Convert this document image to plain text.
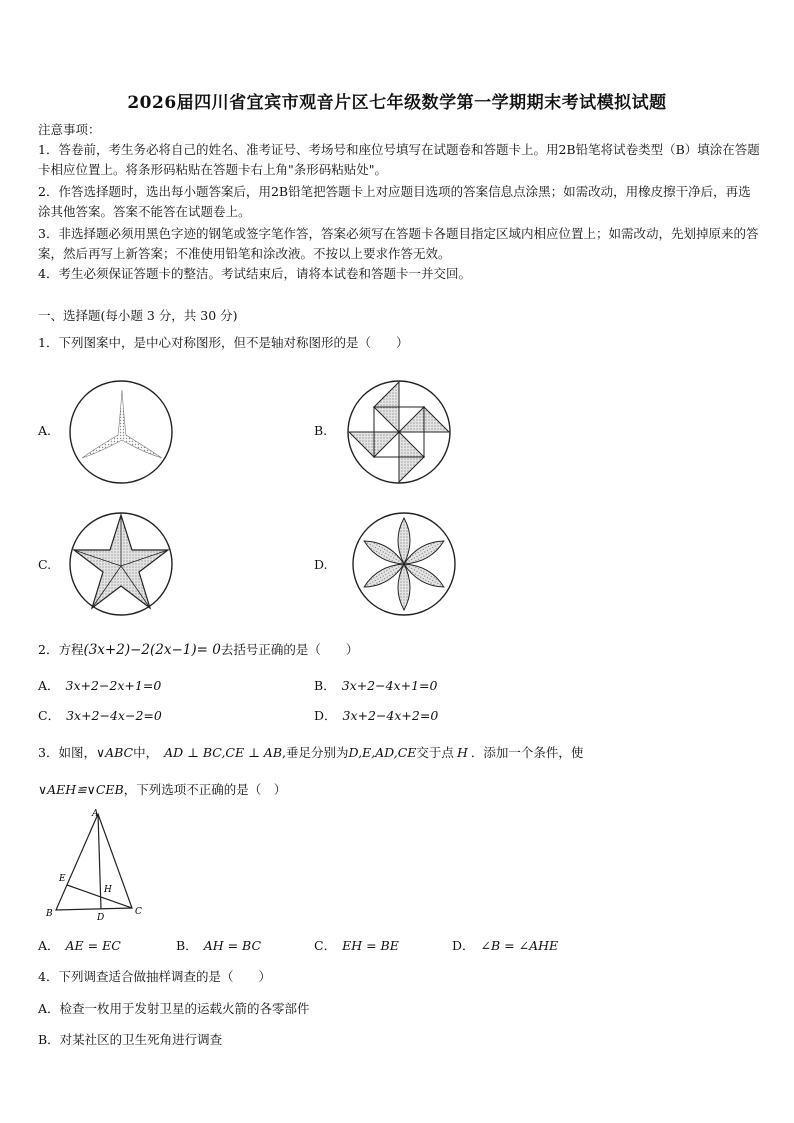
2026届四川省宜宾市观音片区七年级数学第一学期期末考试模拟试题
注意事项：
1．答卷前，考生务必将自己的姓名、准考证号、考场号和座位号填写在试题卷和答题卡上。用2B铅笔将试卷类型（B）填涂在答题卡相应位置上。将条形码粘贴在答题卡右上角"条形码粘贴处"。
2．作答选择题时，选出每小题答案后，用2B铅笔把答题卡上对应题目选项的答案信息点涂黑；如需改动，用橡皮擦干净后，再选涂其他答案。答案不能答在试题卷上。
3．非选择题必须用黑色字迹的钢笔或签字笔作答，答案必须写在答题卡各题目指定区域内相应位置上；如需改动，先划掉原来的答案，然后再写上新答案；不准使用铅笔和涂改液。不按以上要求作答无效。
4．考生必须保证答题卡的整洁。考试结束后，请将本试卷和答题卡一并交回。
一、选择题(每小题 3 分，共 30 分)
1．下列图案中，是中心对称图形，但不是轴对称图形的是（　　）
A.	B.
C.	D.
2．方程(3x+2)−2(2x−1)= 0去括号正确的是（　　）
A． 3x+2−2x+1=0	B． 3x+2−4x+1=0
C． 3x+2−4x−2=0	D． 3x+2−4x+2=0
3．如图，∨ABC中， AD ⊥ BC,CE ⊥ AB,垂足分别为D,E,AD,CE交于点 H ．添加一个条件，使
∨AEH≌∨CEB，下列选项不正确的是（　）
A
B	C
D
E
H
A． AE = EC	B． AH = BC	C． EH = BE	D． ∠B = ∠AHE
4．下列调查适合做抽样调查的是（　　）
A．检查一枚用于发射卫星的运载火箭的各零部件
B．对某社区的卫生死角进行调查
